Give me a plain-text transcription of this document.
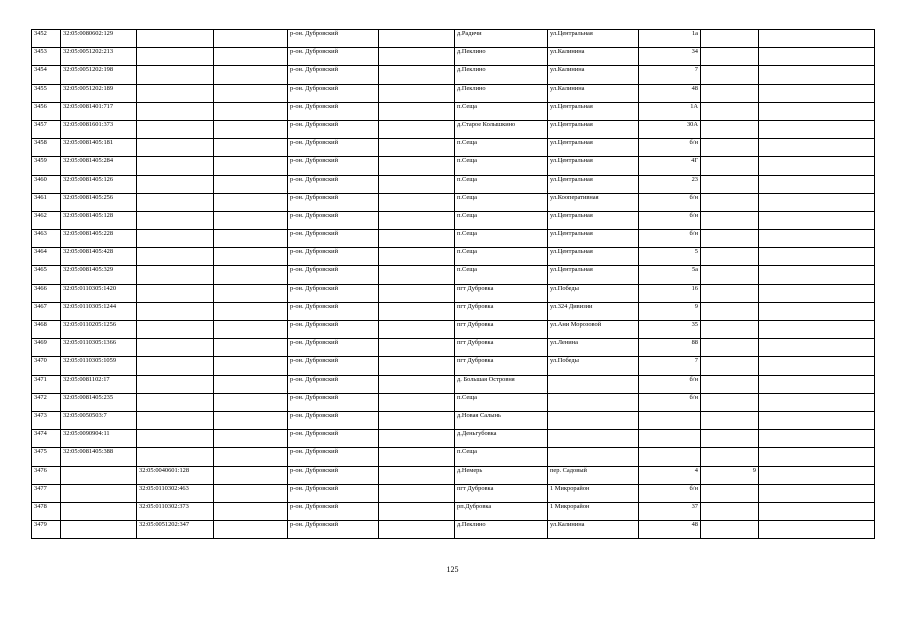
3452	32:05:0080602:129			р-он. Дубровский		д.Радичи	ул.Центральная	1а		
3453	32:05:0051202:213			р-он. Дубровский		д.Пеклино	ул.Калинина	34		
3454	32:05:0051202:198			р-он. Дубровский		д.Пеклино	ул.Калинина	7		
3455	32:05:0051202:189			р-он. Дубровский		д.Пеклино	ул.Калинина	48		
3456	32:05:0081401:717			р-он. Дубровский		п.Сеща	ул.Центральная	1А		
3457	32:05:0081601:373			р-он. Дубровский		д.Старое Колышкино	ул.Центральная	30А		
3458	32:05:0081405:181			р-он. Дубровский		п.Сеща	ул.Центральная	б/н		
3459	32:05:0081405:284			р-он. Дубровский		п.Сеща	ул.Центральная	4Г		
3460	32:05:0081405:126			р-он. Дубровский		п.Сеща	ул.Центральная	23		
3461	32:05:0081405:256			р-он. Дубровский		п.Сеща	ул.Кооперативная	б/н		
3462	32:05:0081405:128			р-он. Дубровский		п.Сеща	ул.Центральная	б/н		
3463	32:05:0081405:228			р-он. Дубровский		п.Сеща	ул.Центральная	б/н		
3464	32:05:0081405:428			р-он. Дубровский		п.Сеща	ул.Центральная	5		
3465	32:05:0081405:329			р-он. Дубровский		п.Сеща	ул.Центральная	5а		
3466	32:05:0110305:1420			р-он. Дубровский		пгт Дубровка	ул.Победы	16		
3467	32:05:0110305:1244			р-он. Дубровский		пгт Дубровка	ул.324 Дивизии	9		
3468	32:05:0110205:1256			р-он. Дубровский		пгт Дубровка	ул.Ани Морозовой	35		
3469	32:05:0110305:1366			р-он. Дубровский		пгт Дубровка	ул.Ленина	88		
3470	32:05:0110305:1059			р-он. Дубровский		пгт Дубровка	ул.Победы	7		
3471	32:05:0081102:17			р-он. Дубровский		д. Большая Островня		б/н		
3472	32:05:0081405:235			р-он. Дубровский		п.Сеща		б/н		
3473	32:05:0050503:7			р-он. Дубровский		д.Новая Салынь				
3474	32:05:0090904:11			р-он. Дубровский		д.Деньгубовка				
3475	32:05:0081405:388			р-он. Дубровский		п.Сеща				
3476		32:05:0040601:128		р-он. Дубровский		д.Немерь	пер. Садовый	4	9	
3477		32:05:0110302:463		р-он. Дубровский		пгт Дубровка	1 Микрорайон	б/н		
3478		32:05:0110302:373		р-он. Дубровский		рп.Дубровка	1 Микрорайон	37		
3479		32:05:0051202:347		р-он. Дубровский		д.Пеклино	ул.Калинина	48		
125
